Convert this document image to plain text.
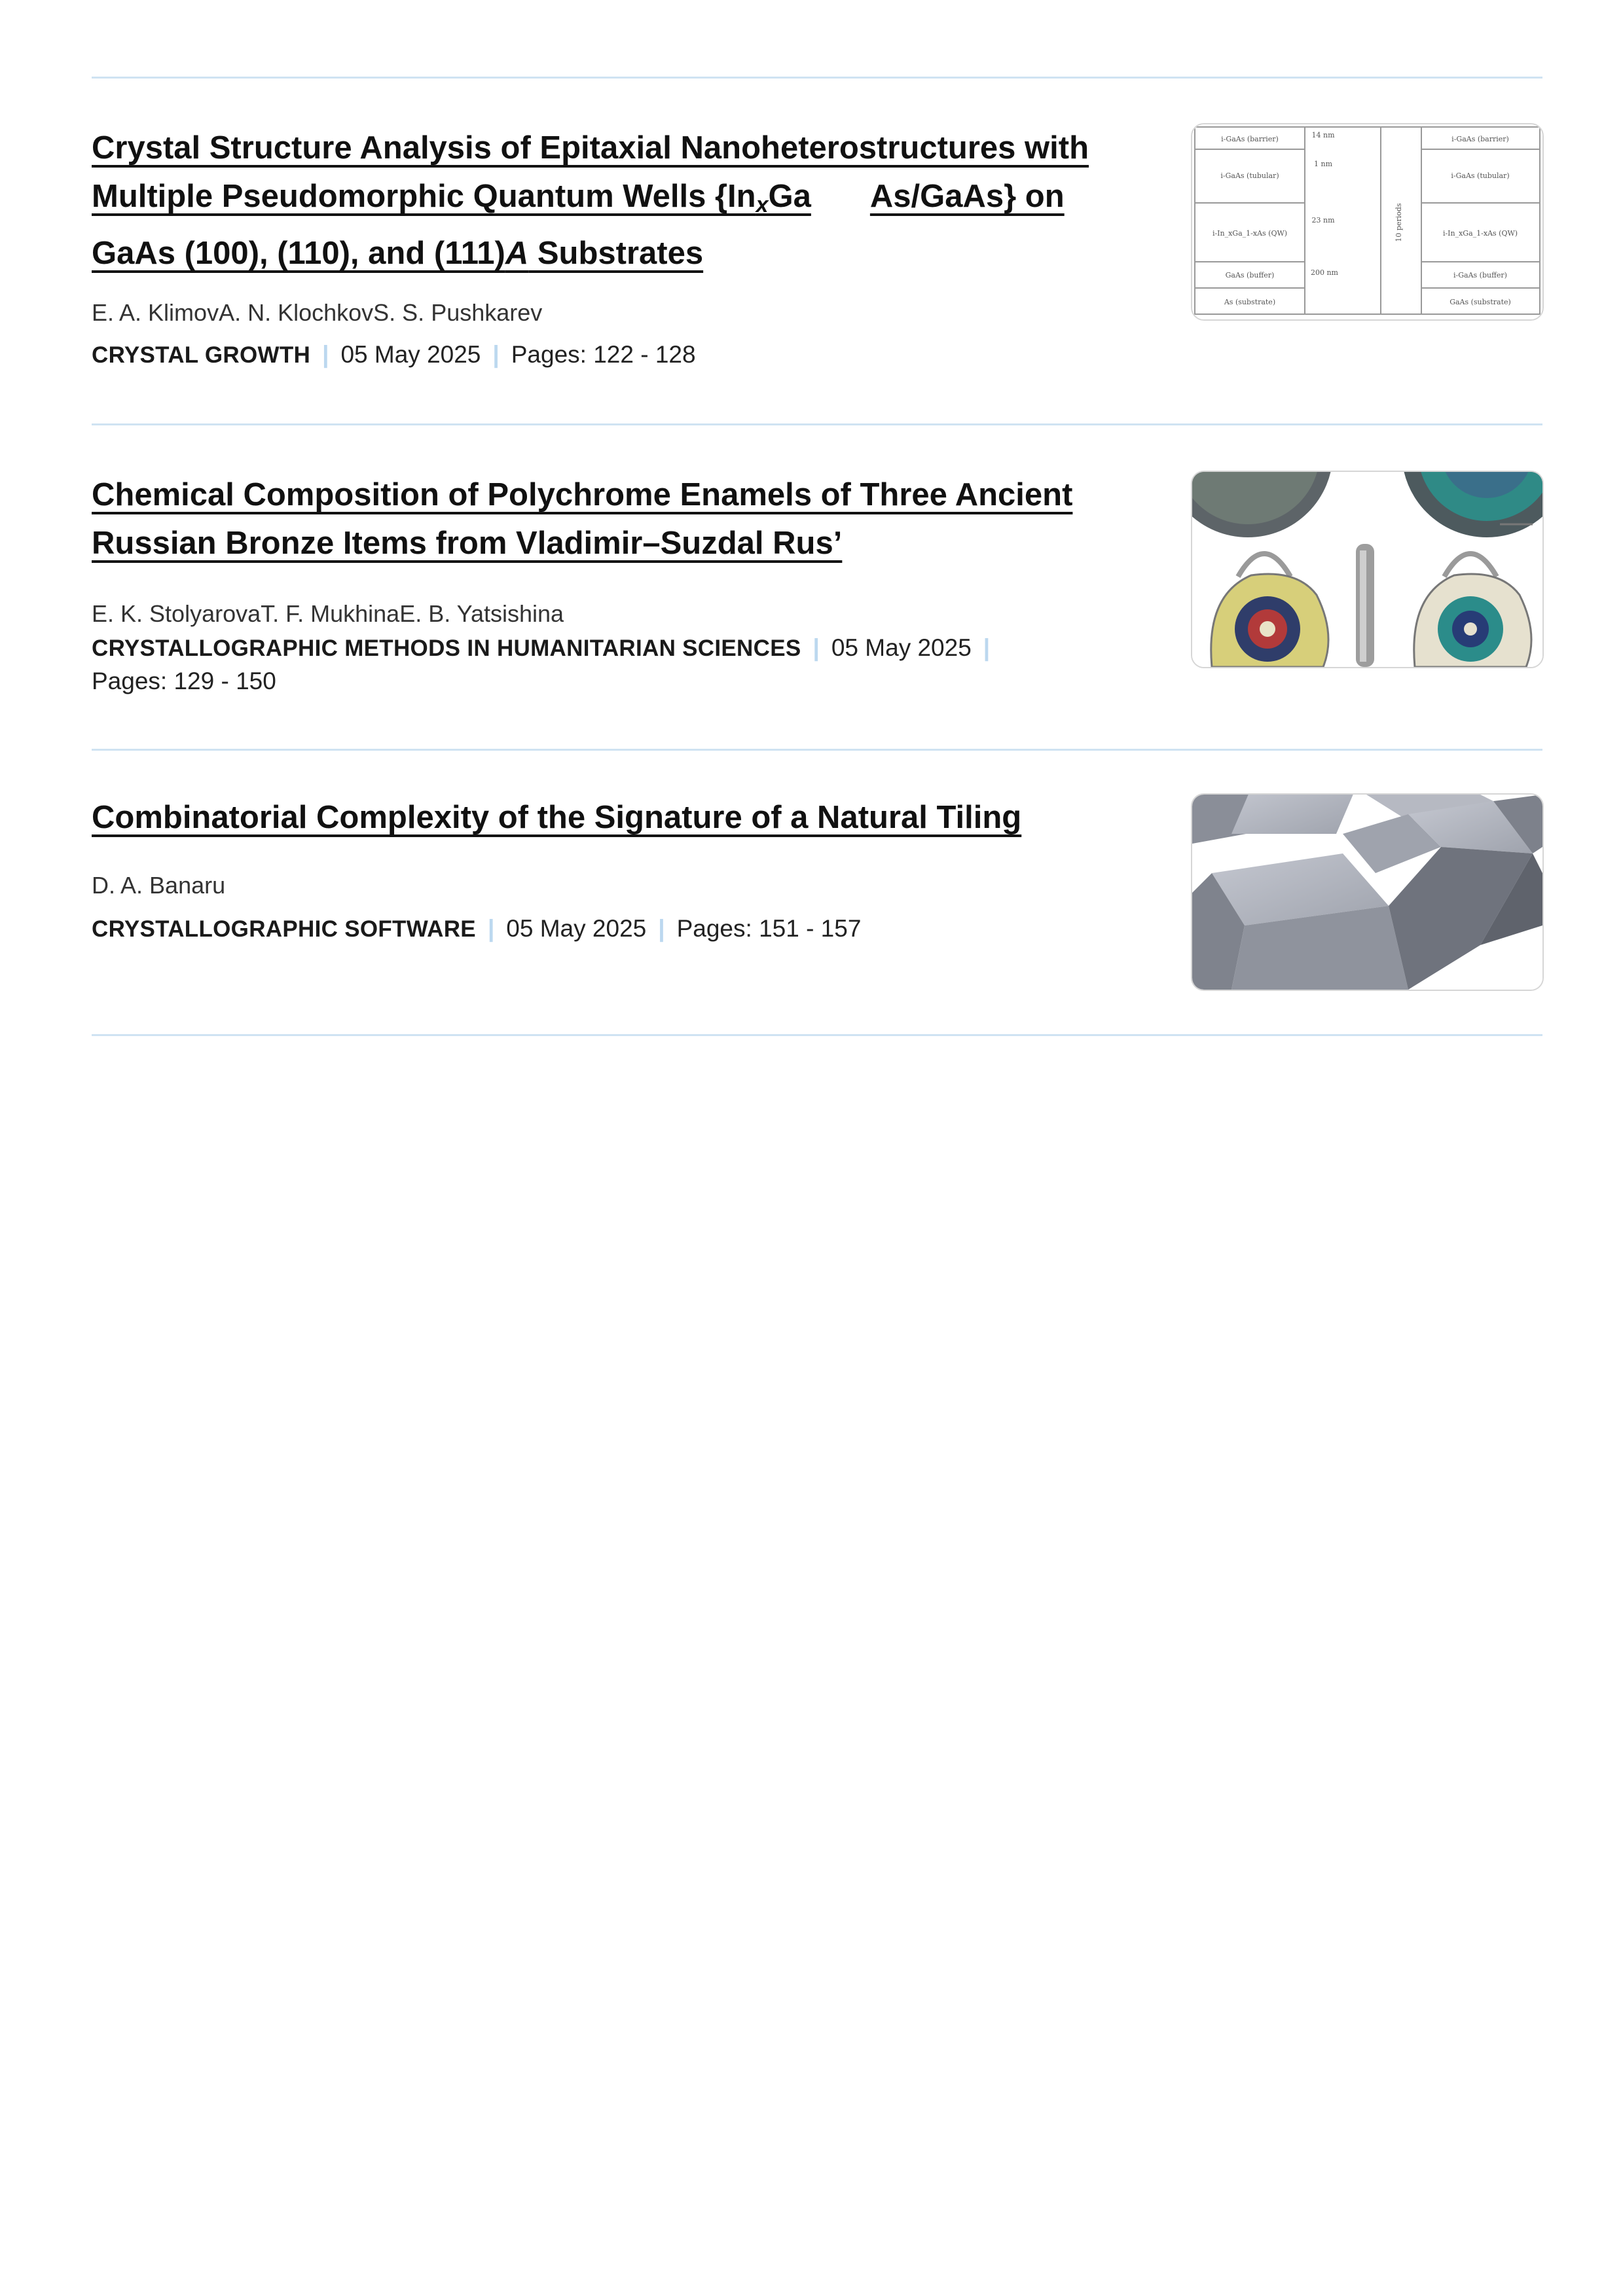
Crystal Structure Analysis of Epitaxial Nanoheterostructures with Multiple Pseudomorphic Quantum Wells {$In_xGa$ As/GaAs} on GaAs (100), (110), and (111)A Substrates
E. A. KlimovA. N. KlochkovS. S. Pushkarev
CRYSTAL GROWTH | 05 May 2025 | Pages: 122 - 128
i-GaAs (barrier)
i-GaAs (tubular)
i-In_xGa_1-xAs (QW)
GaAs (buffer)
As (substrate)
14 nm
1 nm
23 nm
200 nm
10 periods
i-GaAs (barrier)
i-GaAs (tubular)
i-In_xGa_1-xAs (QW)
i-GaAs (buffer)
GaAs (substrate)
Chemical Composition of Polychrome Enamels of Three Ancient Russian Bronze Items from Vladimir–Suzdal Rus’
E. K. StolyarovaT. F. MukhinaE. B. Yatsishina
CRYSTALLOGRAPHIC METHODS IN HUMANITARIAN SCIENCES | 05 May 2025 |
Pages: 129 - 150
Combinatorial Complexity of the Signature of a Natural Tiling
D. A. Banaru
CRYSTALLOGRAPHIC SOFTWARE | 05 May 2025 | Pages: 151 - 157
